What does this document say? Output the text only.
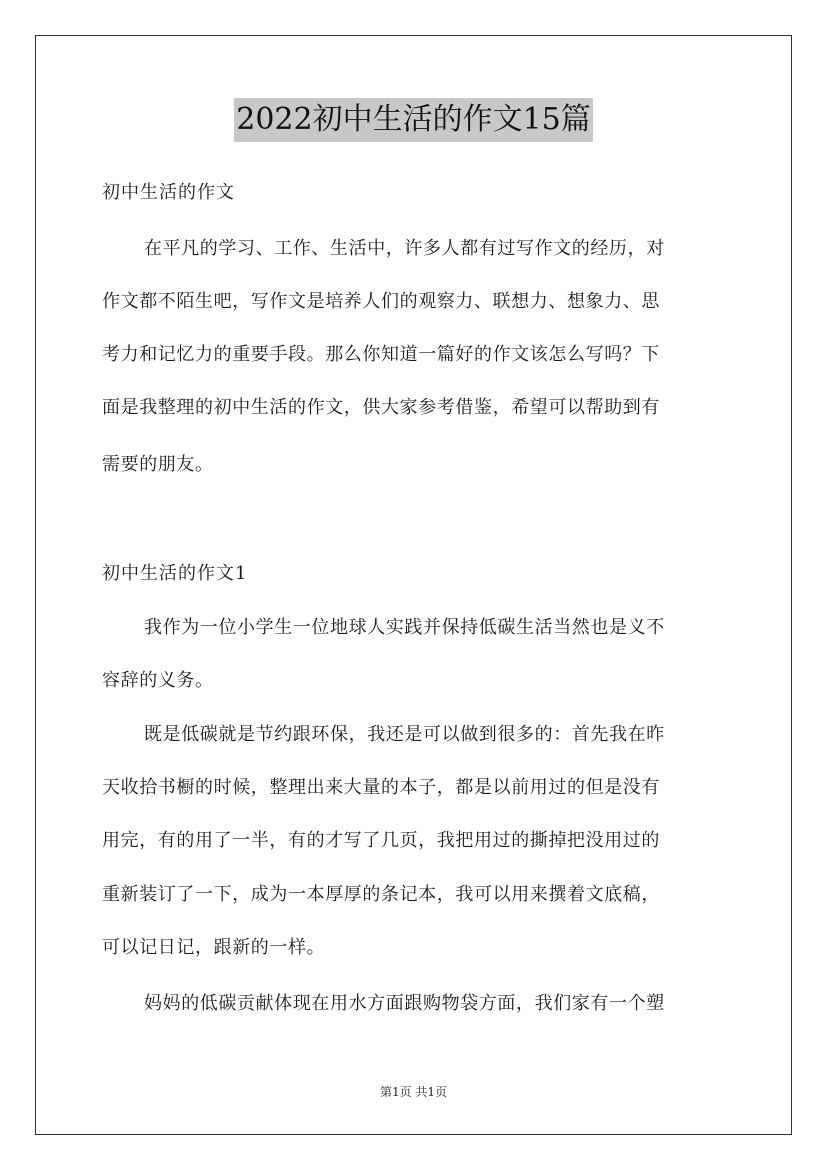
2022初中生活的作文15篇
初中生活的作文
在平凡的学习、工作、生活中，许多人都有过写作文的经历，对
作文都不陌生吧，写作文是培养人们的观察力、联想力、想象力、思
考力和记忆力的重要手段。那么你知道一篇好的作文该怎么写吗？下
面是我整理的初中生活的作文，供大家参考借鉴，希望可以帮助到有
需要的朋友。
初中生活的作文1
我作为一位小学生一位地球人实践并保持低碳生活当然也是义不
容辞的义务。
既是低碳就是节约跟环保，我还是可以做到很多的：首先我在昨
天收拾书橱的时候，整理出来大量的本子，都是以前用过的但是没有
用完，有的用了一半，有的才写了几页，我把用过的撕掉把没用过的
重新装订了一下，成为一本厚厚的条记本，我可以用来撰着文底稿，
可以记日记，跟新的一样。
妈妈的低碳贡献体现在用水方面跟购物袋方面，我们家有一个塑
第1页 共1页
